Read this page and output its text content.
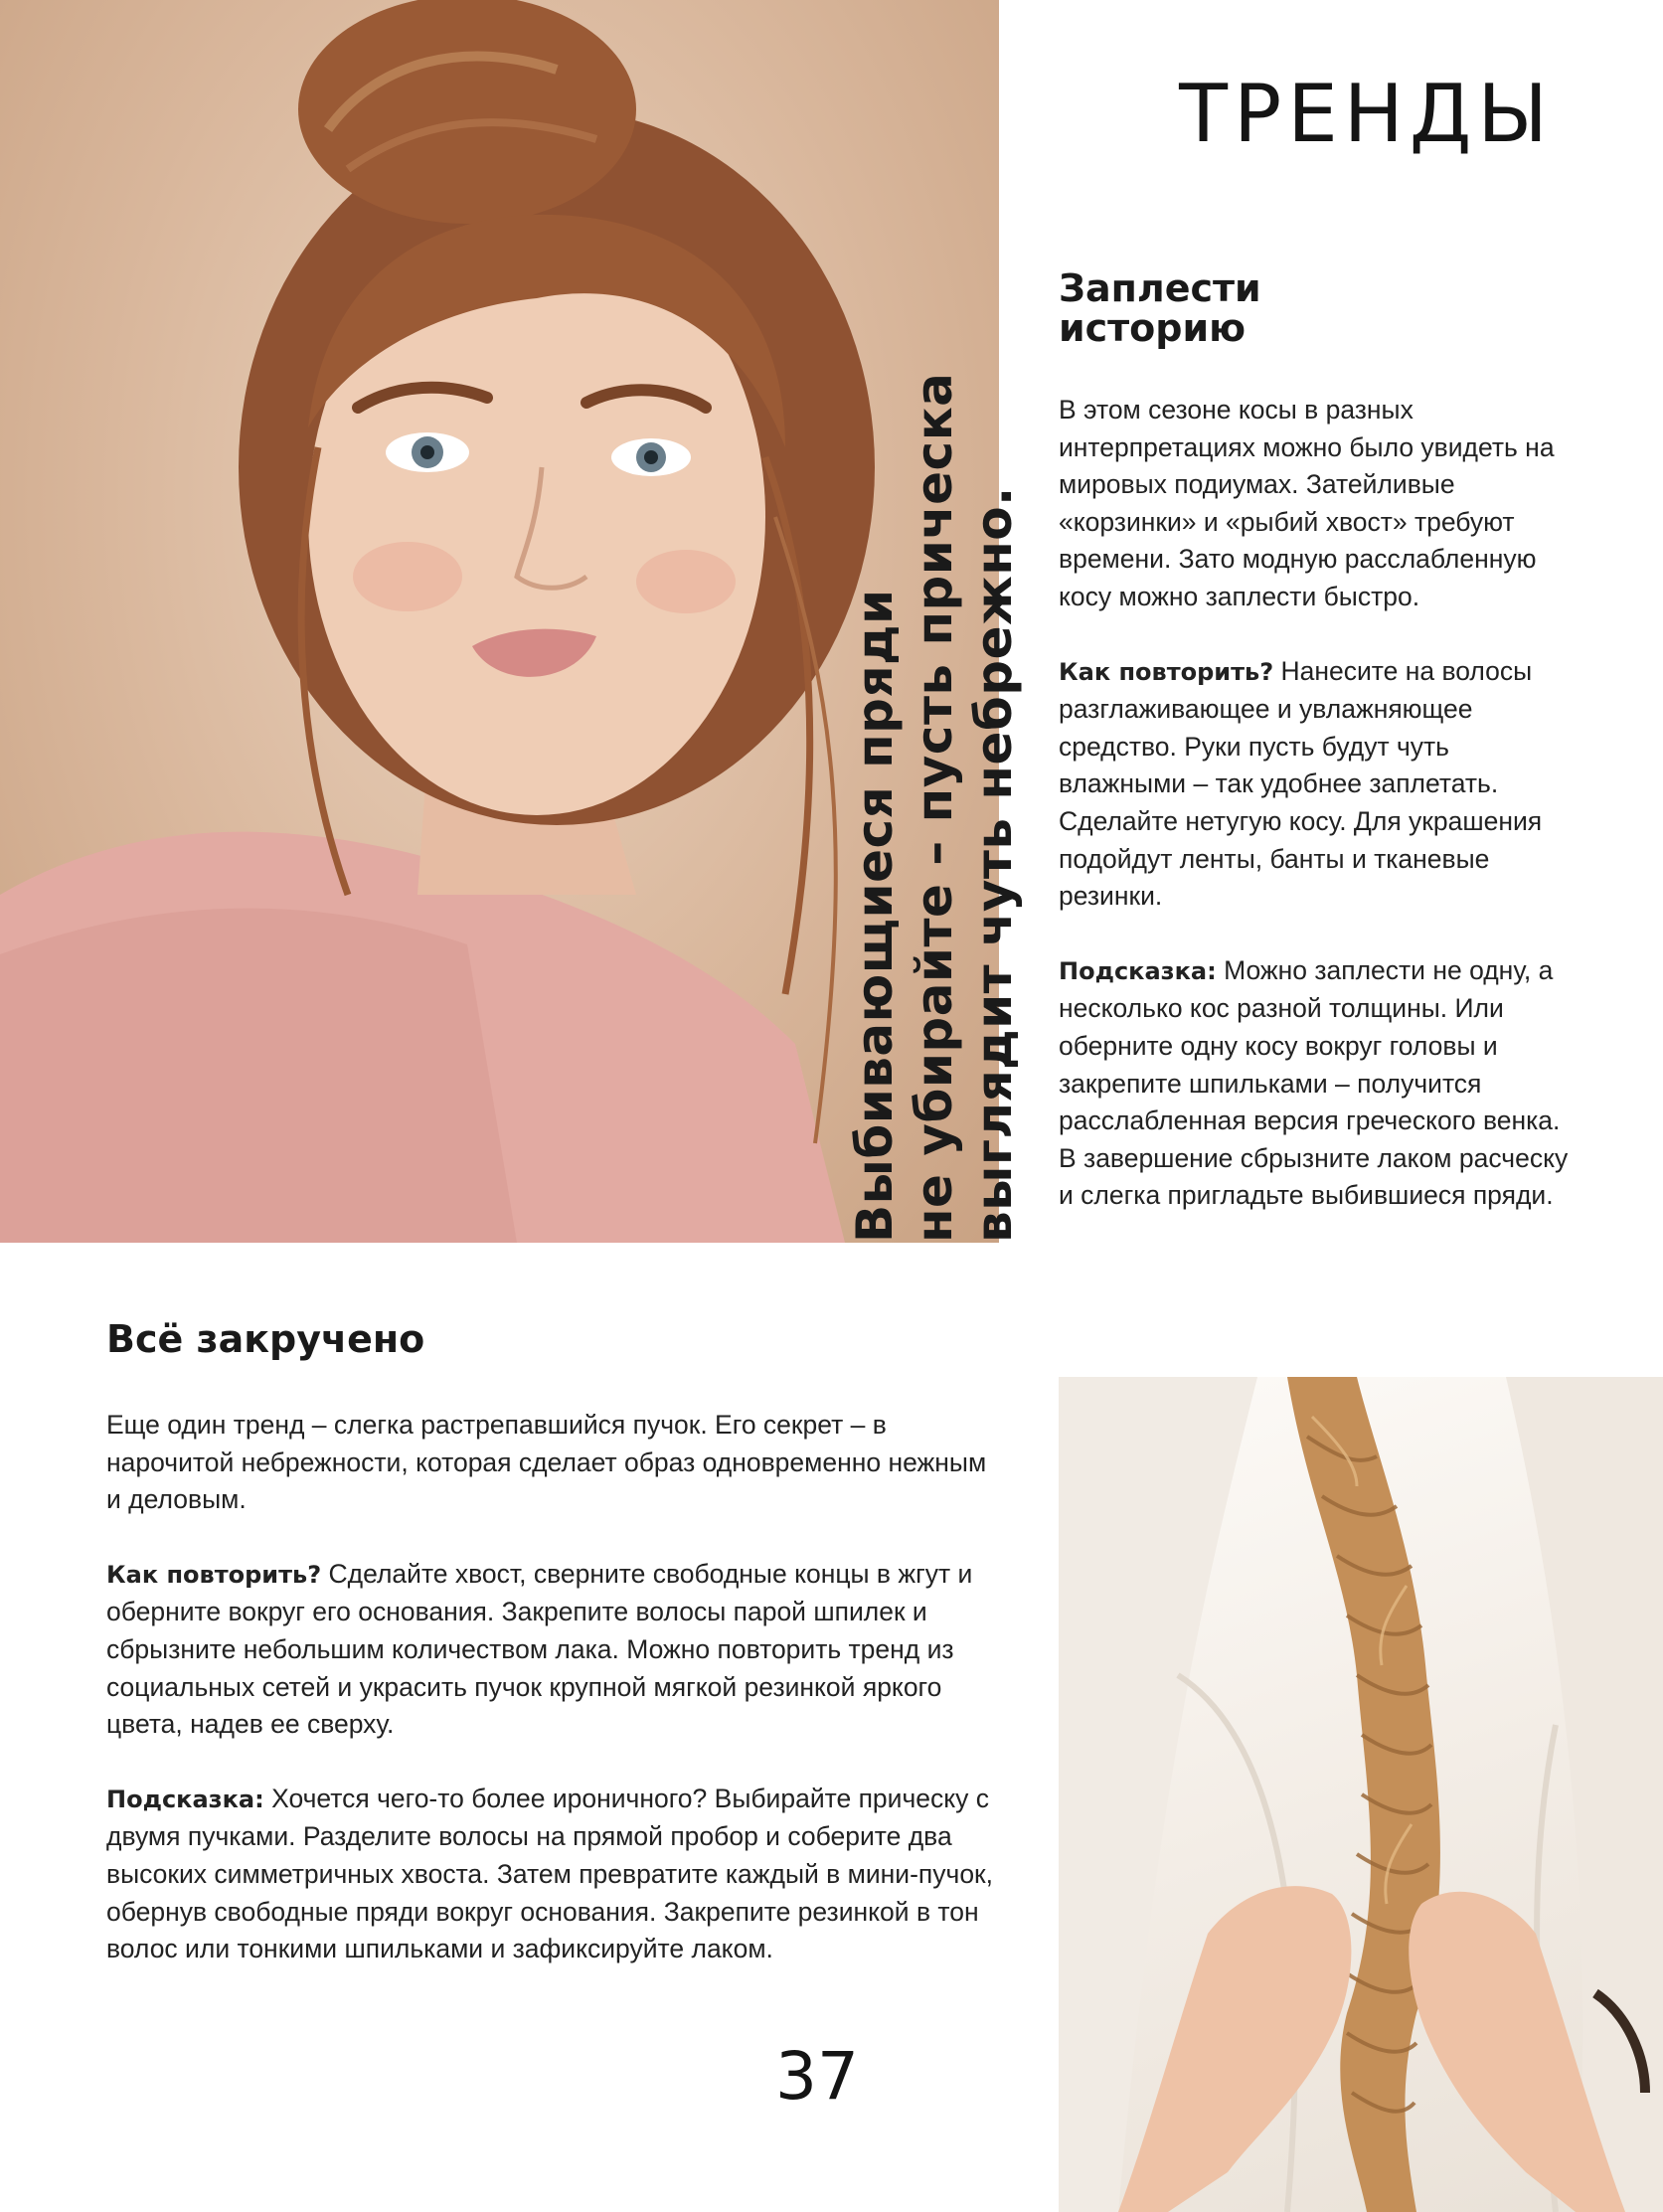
Выбивающиеся пряди не убирайте – пусть прическа выглядит чуть небрежно.
ТРЕНДЫ
Заплести
историю

В этом сезоне косы в разных интерпретациях можно было увидеть на мировых подиумах. Затейливые «корзинки» и «рыбий хвост» требуют времени. Зато модную расслабленную косу можно заплести быстро.

Как повторить? Нанесите на волосы разглаживающее и увлажняющее средство. Руки пусть будут чуть влажными – так удобнее заплетать. Сделайте нетугую косу. Для украшения подойдут ленты, банты и тканевые резинки.

Подсказка: Можно заплести не одну, а несколько кос разной толщины. Или оберните одну косу вокруг головы и закрепите шпильками – получится расслабленная версия греческого венка. В завершение сбрызните лаком расческу и слегка пригладьте выбившиеся пряди.

Всё закручено

Еще один тренд – слегка растрепавшийся пучок. Его секрет – в нарочитой небрежности, которая сделает образ одновременно нежным и деловым.

Как повторить? Сделайте хвост, сверните свободные концы в жгут и оберните вокруг его основания. Закрепите волосы парой шпилек и сбрызните небольшим количеством лака. Можно повторить тренд из социальных сетей и украсить пучок крупной мягкой резинкой яркого цвета, надев ее сверху.

Подсказка: Хочется чего-то более ироничного? Выбирайте прическу с двумя пучками. Разделите волосы на прямой пробор и соберите два высоких симметричных хвоста. Затем превратите каждый в мини-пучок, обернув свободные пряди вокруг основания. Закрепите резинкой в тон волос или тонкими шпильками и зафиксируйте лаком.

37
